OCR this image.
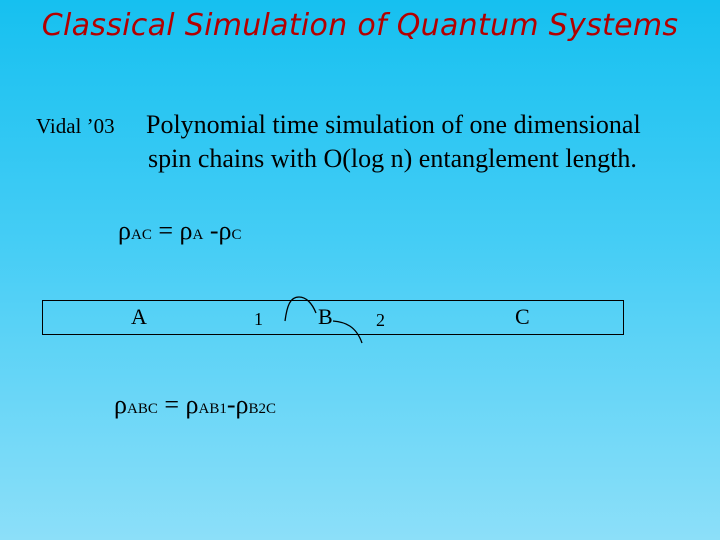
Classical Simulation of Quantum Systems
Vidal ’03 Polynomial time simulation of one dimensional
spin chains with O(log n) entanglement length.
ρAC = ρA -ρC
A	1	B 2	C
ρABC = ρAB1-ρB2C
